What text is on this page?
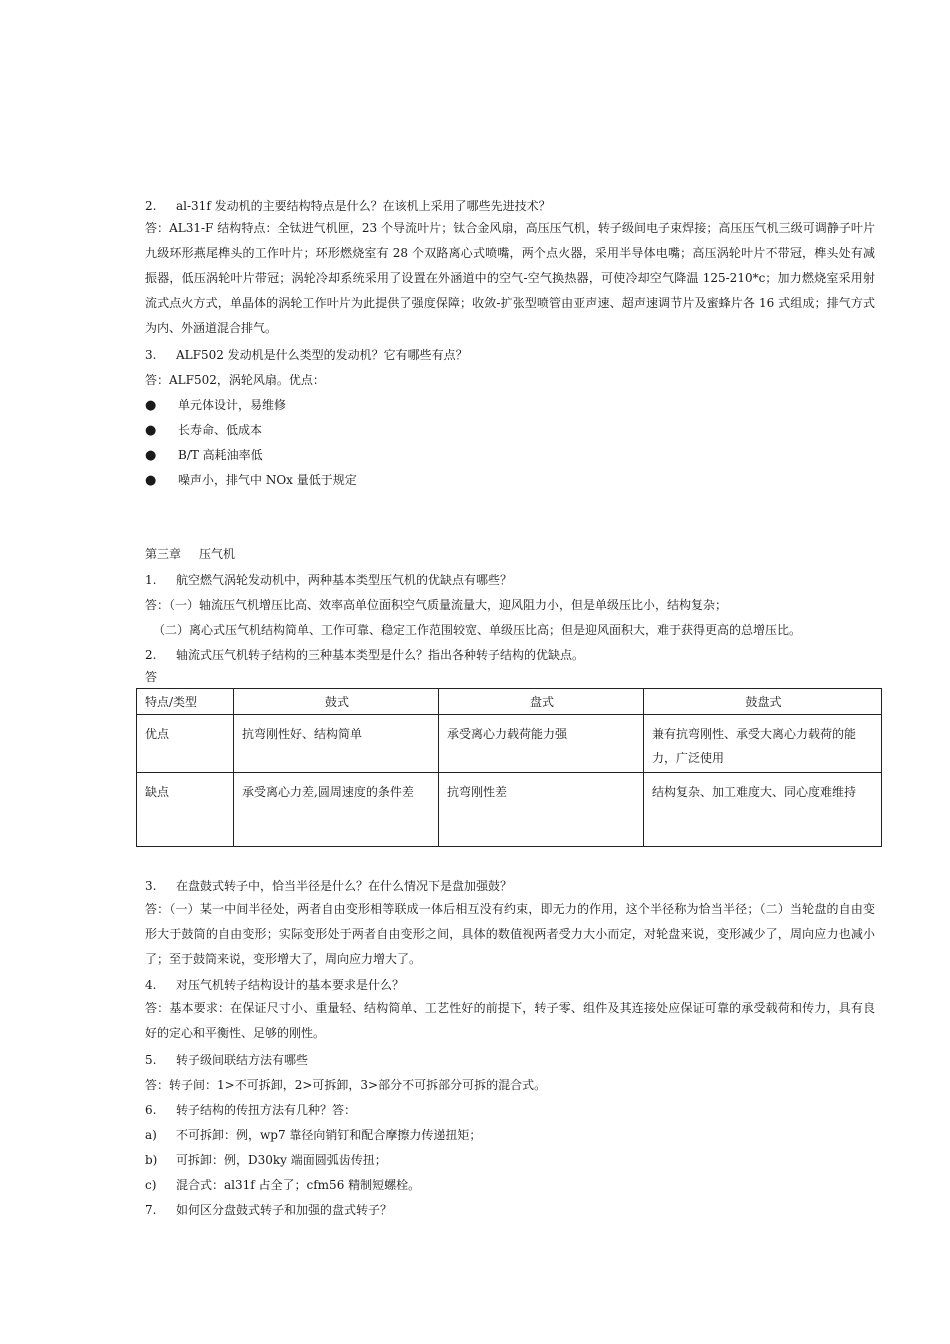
2. al-31f 发动机的主要结构特点是什么？在该机上采用了哪些先进技术？
答：AL31-F 结构特点：全钛进气机匣，23 个导流叶片；钛合金风扇，高压压气机，转子级间电子束焊接；高压压气机三级可调静子叶片九级环形燕尾榫头的工作叶片；环形燃烧室有 28 个双路离心式喷嘴，两个点火器，采用半导体电嘴；高压涡轮叶片不带冠，榫头处有减振器，低压涡轮叶片带冠；涡轮冷却系统采用了设置在外涵道中的空气-空气换热器，可使冷却空气降温 125-210*c；加力燃烧室采用射流式点火方式，单晶体的涡轮工作叶片为此提供了强度保障；收敛-扩张型喷管由亚声速、超声速调节片及蜜蜂片各 16 式组成；排气方式为内、外涵道混合排气。
3. ALF502 发动机是什么类型的发动机？它有哪些有点？
答：ALF502，涡轮风扇。优点：
● 单元体设计，易维修
● 长寿命、低成本
● B/T 高耗油率低
● 噪声小，排气中 NOx 量低于规定
第三章 压气机
1. 航空燃气涡轮发动机中，两种基本类型压气机的优缺点有哪些？
答：（一）轴流压气机增压比高、效率高单位面积空气质量流量大，迎风阻力小，但是单级压比小，结构复杂；
（二）离心式压气机结构简单、工作可靠、稳定工作范围较宽、单级压比高；但是迎风面积大，难于获得更高的总增压比。
2. 轴流式压气机转子结构的三种基本类型是什么？指出各种转子结构的优缺点。
答
特点/类型	鼓式	盘式	鼓盘式
优点	抗弯刚性好、结构简单	承受离心力载荷能力强	兼有抗弯刚性、承受大离心力载荷的能力，广泛使用
缺点	承受离心力差,圆周速度的条件差	抗弯刚性差	结构复杂、加工难度大、同心度难维持
3. 在盘鼓式转子中，恰当半径是什么？在什么情况下是盘加强鼓？
答：（一）某一中间半径处，两者自由变形相等联成一体后相互没有约束，即无力的作用，这个半径称为恰当半径；（二）当轮盘的自由变形大于鼓筒的自由变形；实际变形处于两者自由变形之间，具体的数值视两者受力大小而定，对轮盘来说，变形减少了，周向应力也减小了；至于鼓筒来说，变形增大了，周向应力增大了。
4. 对压气机转子结构设计的基本要求是什么？
答：基本要求：在保证尺寸小、重量轻、结构简单、工艺性好的前提下，转子零、组件及其连接处应保证可靠的承受载荷和传力，具有良好的定心和平衡性、足够的刚性。
5. 转子级间联结方法有哪些
答：转子间：1>不可拆卸，2>可拆卸，3>部分不可拆部分可拆的混合式。
6. 转子结构的传扭方法有几种？答：
a) 不可拆卸：例，wp7 靠径向销钉和配合摩擦力传递扭矩；
b) 可拆卸：例，D30ky 端面圆弧齿传扭；
c) 混合式：al31f 占全了；cfm56 精制短螺栓。
7. 如何区分盘鼓式转子和加强的盘式转子？
